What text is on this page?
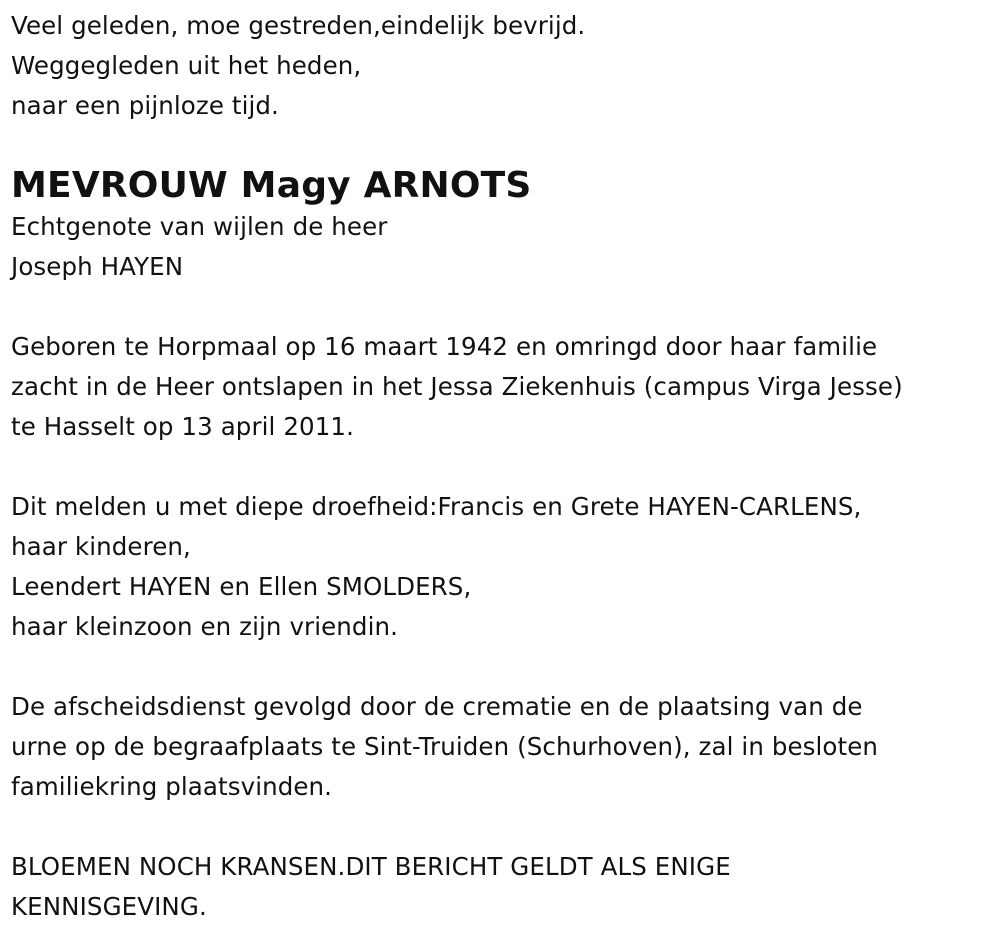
Veel geleden, moe gestreden,eindelijk bevrijd.
Weggegleden uit het heden,
naar een pijnloze tijd.
MEVROUW Magy ARNOTS
Echtgenote van wijlen de heer
Joseph HAYEN
Geboren te Horpmaal op 16 maart 1942 en omringd door haar familie
zacht in de Heer ontslapen in het Jessa Ziekenhuis (campus Virga Jesse)
te Hasselt op 13 april 2011.
Dit melden u met diepe droefheid:Francis en Grete HAYEN-CARLENS,
haar kinderen,
Leendert HAYEN en Ellen SMOLDERS,
haar kleinzoon en zijn vriendin.
De afscheidsdienst gevolgd door de crematie en de plaatsing van de
urne op de begraafplaats te Sint-Truiden (Schurhoven), zal in besloten
familiekring plaatsvinden.
BLOEMEN NOCH KRANSEN.DIT BERICHT GELDT ALS ENIGE
KENNISGEVING.
